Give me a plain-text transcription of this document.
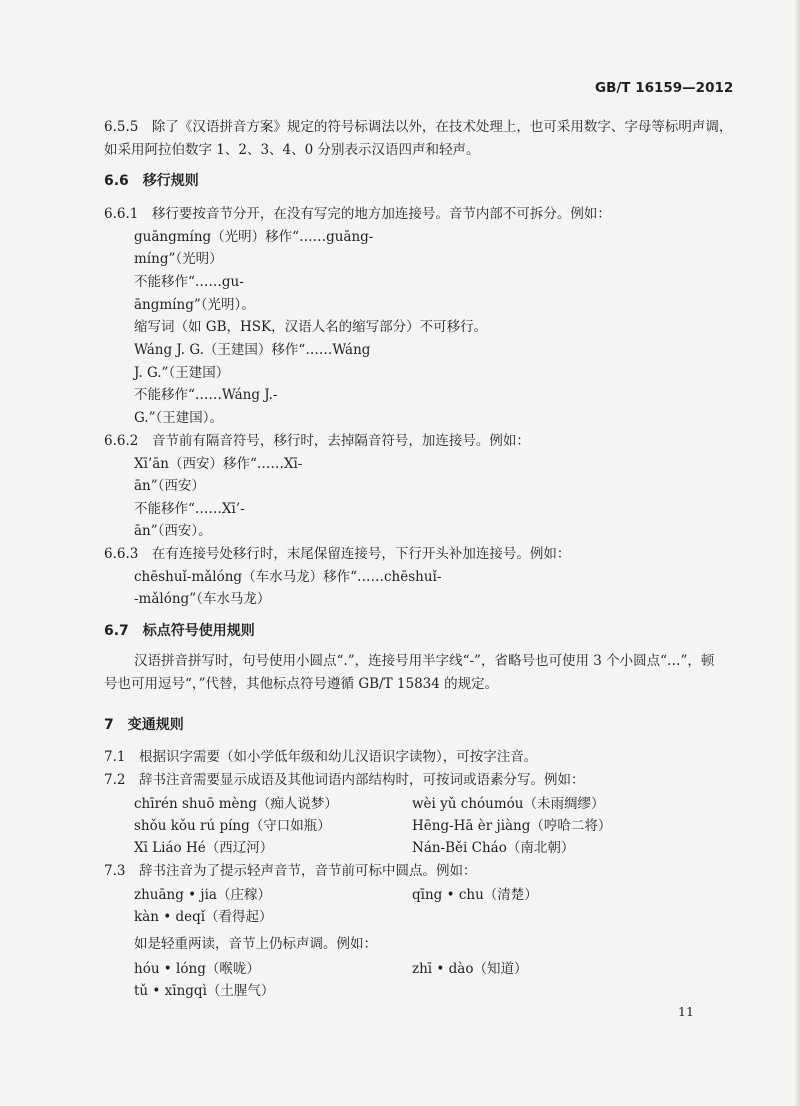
GB/T 16159—2012
6.5.5　除了《汉语拼音方案》规定的符号标调法以外，在技术处理上，也可采用数字、字母等标明声调，
如采用阿拉伯数字 1、2、3、4、0 分别表示汉语四声和轻声。
6.6　移行规则
6.6.1　移行要按音节分开，在没有写完的地方加连接号。音节内部不可拆分。例如：
guāngmíng（光明）移作“……guāng-
míng”（光明）
不能移作“……gu-
āngmíng”（光明）。
缩写词（如 GB，HSK，汉语人名的缩写部分）不可移行。
Wáng J. G.（王建国）移作“……Wáng
J. G.”（王建国）
不能移作“……Wáng J.-
G.”（王建国）。
6.6.2　音节前有隔音符号，移行时，去掉隔音符号，加连接号。例如：
Xī’ān（西安）移作“……Xī-
ān”（西安）
不能移作“……Xī’-
ān”（西安）。
6.6.3　在有连接号处移行时，末尾保留连接号，下行开头补加连接号。例如：
chēshuǐ-mǎlóng（车水马龙）移作“……chēshuǐ-
-mǎlóng”（车水马龙）
6.7　标点符号使用规则
汉语拼音拼写时，句号使用小圆点“.”，连接号用半字线“-”，省略号也可使用 3 个小圆点“…”，顿
号也可用逗号“，”代替，其他标点符号遵循 GB/T 15834 的规定。
7　变通规则
7.1　根据识字需要（如小学低年级和幼儿汉语识字读物），可按字注音。
7.2　辞书注音需要显示成语及其他词语内部结构时，可按词或语素分写。例如：
chīrén shuō mèng（痴人说梦）	wèi yǔ chóumóu（未雨绸缪）
shǒu kǒu rú píng（守口如瓶）	Hēng-Hā èr jiàng（哼哈二将）
Xī Liáo Hé（西辽河）	Nán-Běi Cháo（南北朝）
7.3　辞书注音为了提示轻声音节，音节前可标中圆点。例如：
zhuāng • jia（庄稼）	qīng • chu（清楚）
kàn • deqǐ（看得起）
如是轻重两读，音节上仍标声调。例如：
hóu • lóng（喉咙）	zhī • dào（知道）
tǔ • xīngqì（土腥气）
11
